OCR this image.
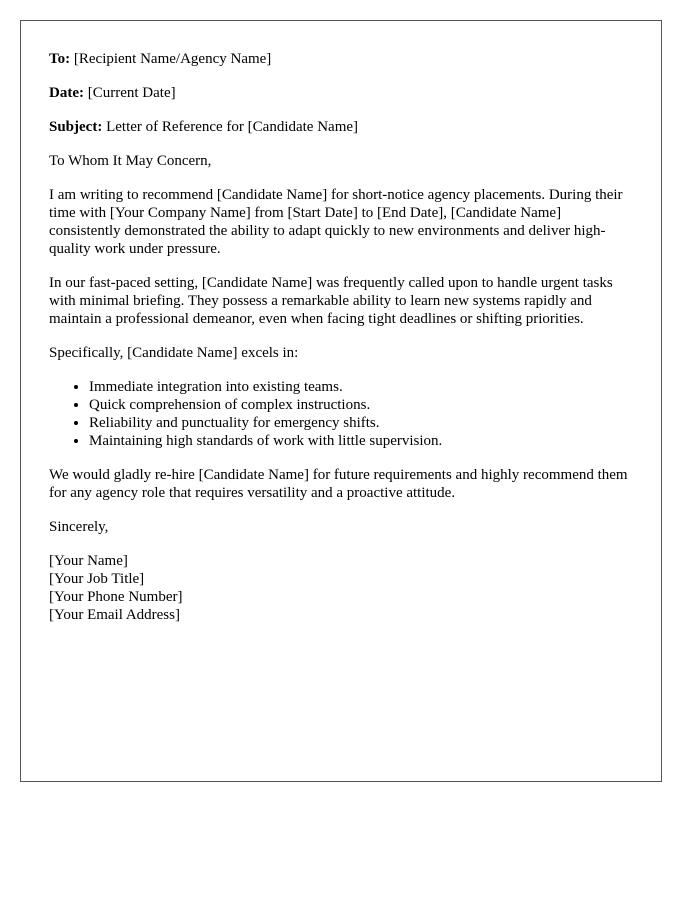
To: [Recipient Name/Agency Name]

Date: [Current Date]

Subject: Letter of Reference for [Candidate Name]

To Whom It May Concern,

I am writing to recommend [Candidate Name] for short-notice agency placements. During their time with [Your Company Name] from [Start Date] to [End Date], [Candidate Name] consistently demonstrated the ability to adapt quickly to new environments and deliver high-quality work under pressure.

In our fast-paced setting, [Candidate Name] was frequently called upon to handle urgent tasks with minimal briefing. They possess a remarkable ability to learn new systems rapidly and maintain a professional demeanor, even when facing tight deadlines or shifting priorities.

Specifically, [Candidate Name] excels in:

• Immediate integration into existing teams.
• Quick comprehension of complex instructions.
• Reliability and punctuality for emergency shifts.
• Maintaining high standards of work with little supervision.

We would gladly re-hire [Candidate Name] for future requirements and highly recommend them for any agency role that requires versatility and a proactive attitude.

Sincerely,

[Your Name]
[Your Job Title]
[Your Phone Number]
[Your Email Address]
